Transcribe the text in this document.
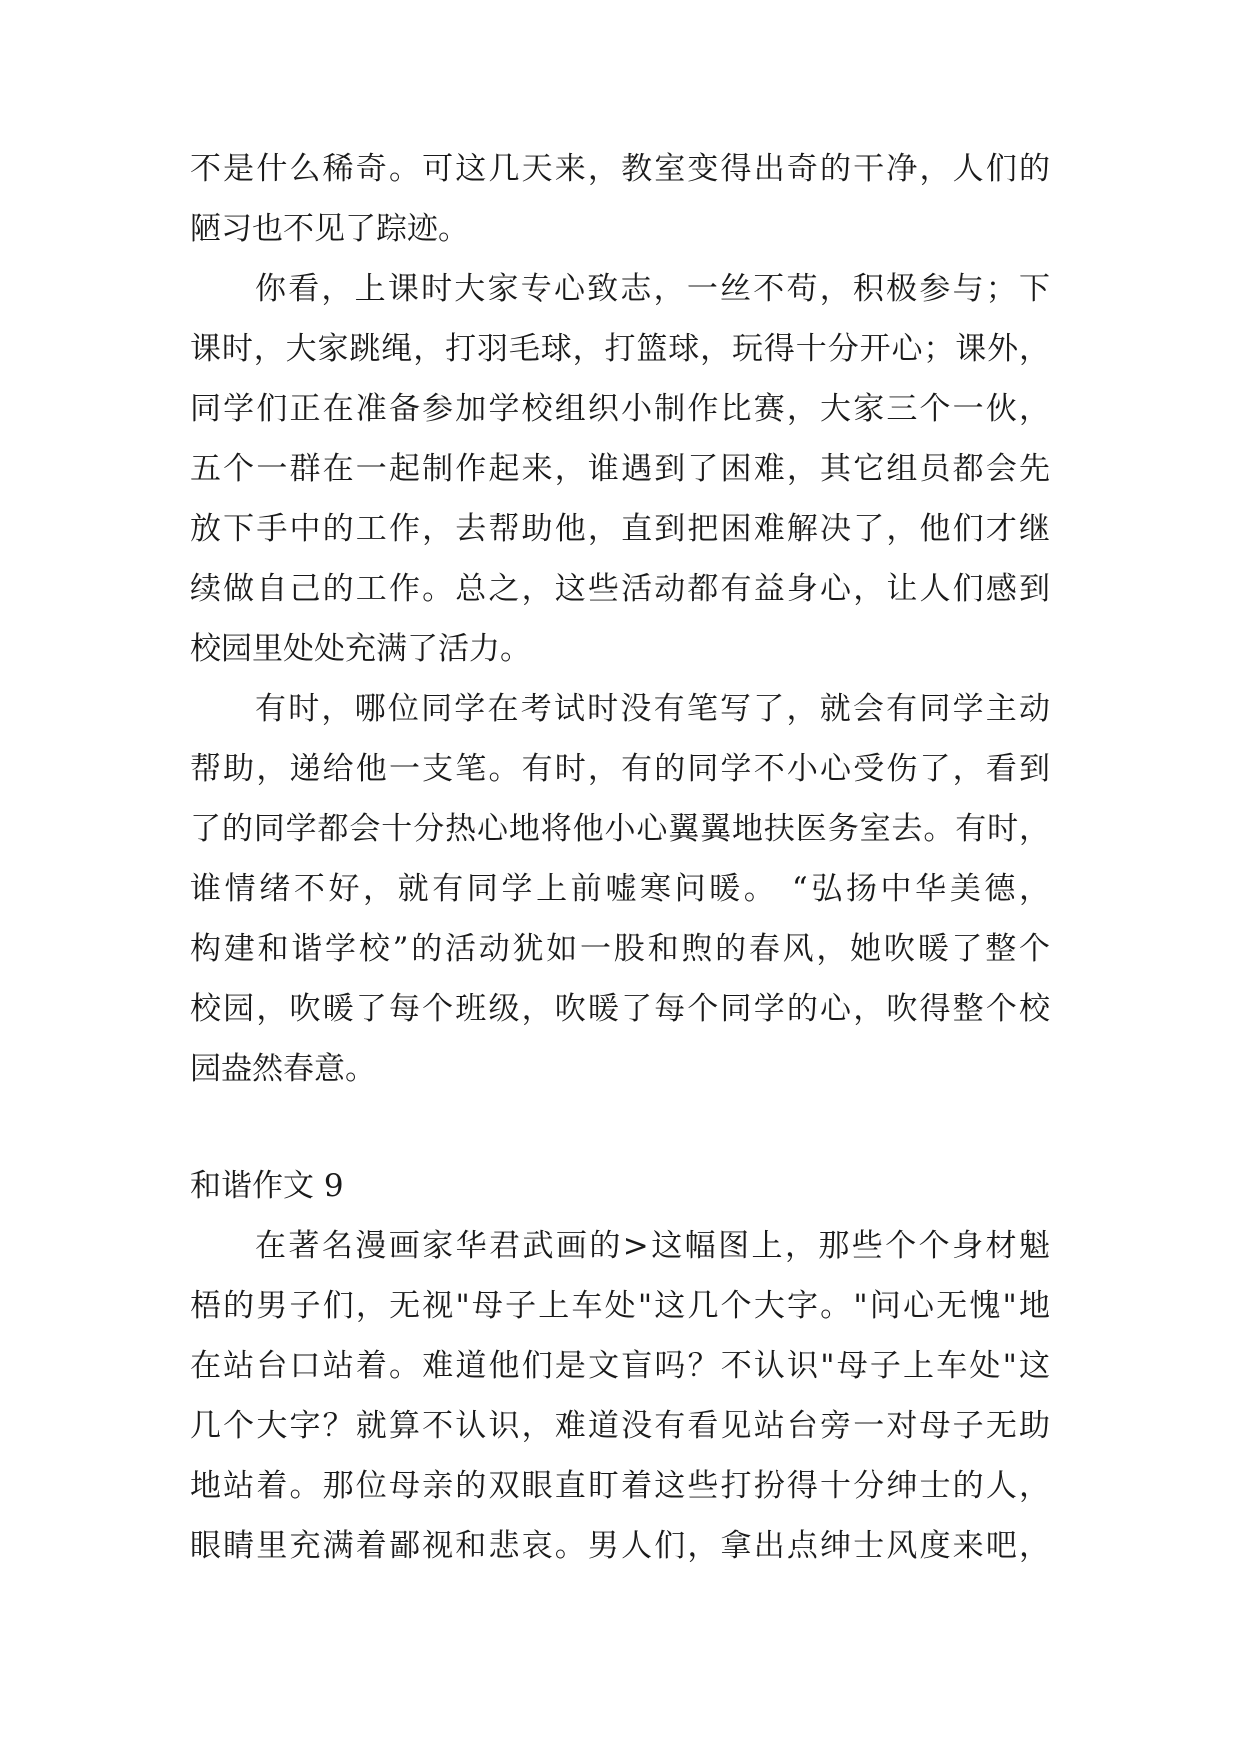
不是什么稀奇。可这几天来，教室变得出奇的干净，人们的
陋习也不见了踪迹。
你看，上课时大家专心致志，一丝不苟，积极参与；下
课时，大家跳绳，打羽毛球，打篮球，玩得十分开心；课外，
同学们正在准备参加学校组织小制作比赛，大家三个一伙，
五个一群在一起制作起来，谁遇到了困难，其它组员都会先
放下手中的工作，去帮助他，直到把困难解决了，他们才继
续做自己的工作。总之，这些活动都有益身心，让人们感到
校园里处处充满了活力。
有时，哪位同学在考试时没有笔写了，就会有同学主动
帮助，递给他一支笔。有时，有的同学不小心受伤了，看到
了的同学都会十分热心地将他小心翼翼地扶医务室去。有时，
谁情绪不好，就有同学上前嘘寒问暖。 “弘扬中华美德，
构建和谐学校”的活动犹如一股和煦的春风，她吹暖了整个
校园，吹暖了每个班级，吹暖了每个同学的心，吹得整个校
园盎然春意。
和谐作文 9
在著名漫画家华君武画的>这幅图上，那些个个身材魁
梧的男子们，无视"母子上车处"这几个大字。"问心无愧"地
在站台口站着。难道他们是文盲吗？不认识"母子上车处"这
几个大字？就算不认识，难道没有看见站台旁一对母子无助
地站着。那位母亲的双眼直盯着这些打扮得十分绅士的人，
眼睛里充满着鄙视和悲哀。男人们，拿出点绅士风度来吧，
